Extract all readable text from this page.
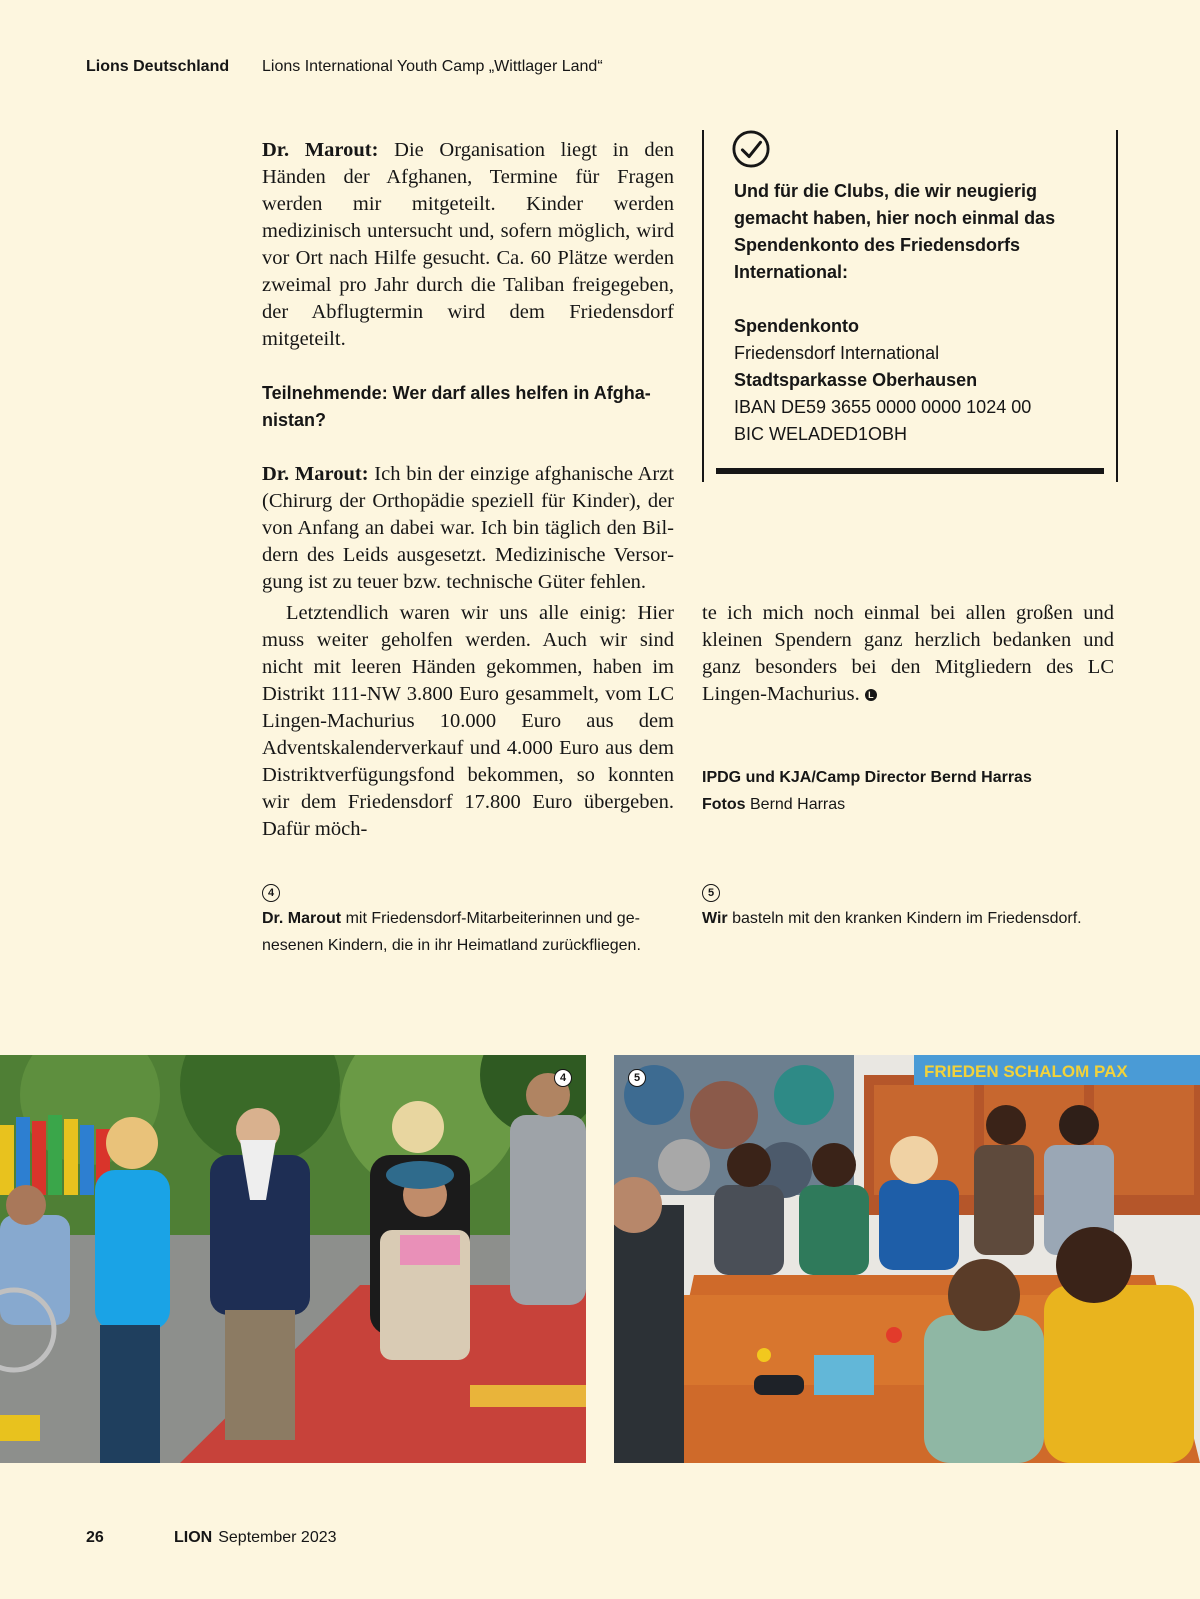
Lions Deutschland Lions International Youth Camp „Wittlager Land“

Dr. Marout: Die Organisation liegt in den Händen der Afghanen, Termine für Fragen werden mir mitgeteilt. Kinder werden medizinisch untersucht und, sofern möglich, wird vor Ort nach Hilfe gesucht. Ca. 60 Plätze werden zweimal pro Jahr durch die Taliban freigegeben, der Abflugtermin wird dem Friedensdorf mitgeteilt.

Teilnehmende: Wer darf alles helfen in Afghanistan?

Dr. Marout: Ich bin der einzige afghanische Arzt (Chirurg der Orthopädie speziell für Kinder), der von Anfang an dabei war. Ich bin täglich den Bildern des Leids ausgesetzt. Medizinische Versorgung ist zu teuer bzw. technische Güter fehlen.

Und für die Clubs, die wir neugierig gemacht haben, hier noch einmal das Spendenkonto des Friedensdorfs International:

Spendenkonto
Friedensdorf International
Stadtsparkasse Oberhausen
IBAN DE59 3655 0000 0000 1024 00
BIC WELADED1OBH

Letztendlich waren wir uns alle einig: Hier muss weiter geholfen werden. Auch wir sind nicht mit leeren Händen gekommen, haben im Distrikt 111-NW 3.800 Euro gesammelt, vom LC Lingen-Machurius 10.000 Euro aus dem Adventskalenderverkauf und 4.000 Euro aus dem Distriktverfügungsfond bekommen, so konnten wir dem Friedensdorf 17.800 Euro übergeben. Dafür möch-

te ich mich noch einmal bei allen großen und kleinen Spendern ganz herzlich bedanken und ganz besonders bei den Mitgliedern des LC Lingen-Machurius. L

IPDG und KJA/Camp Director Bernd Harras
Fotos Bernd Harras
4
Dr. Marout mit Friedensdorf-Mitarbeiterinnen und genesenen Kindern, die in ihr Heimatland zurückfliegen.
5
Wir basteln mit den kranken Kindern im Friedensdorf.
4	FRIEDEN SCHALOM PAX
5
26	LION September 2023
